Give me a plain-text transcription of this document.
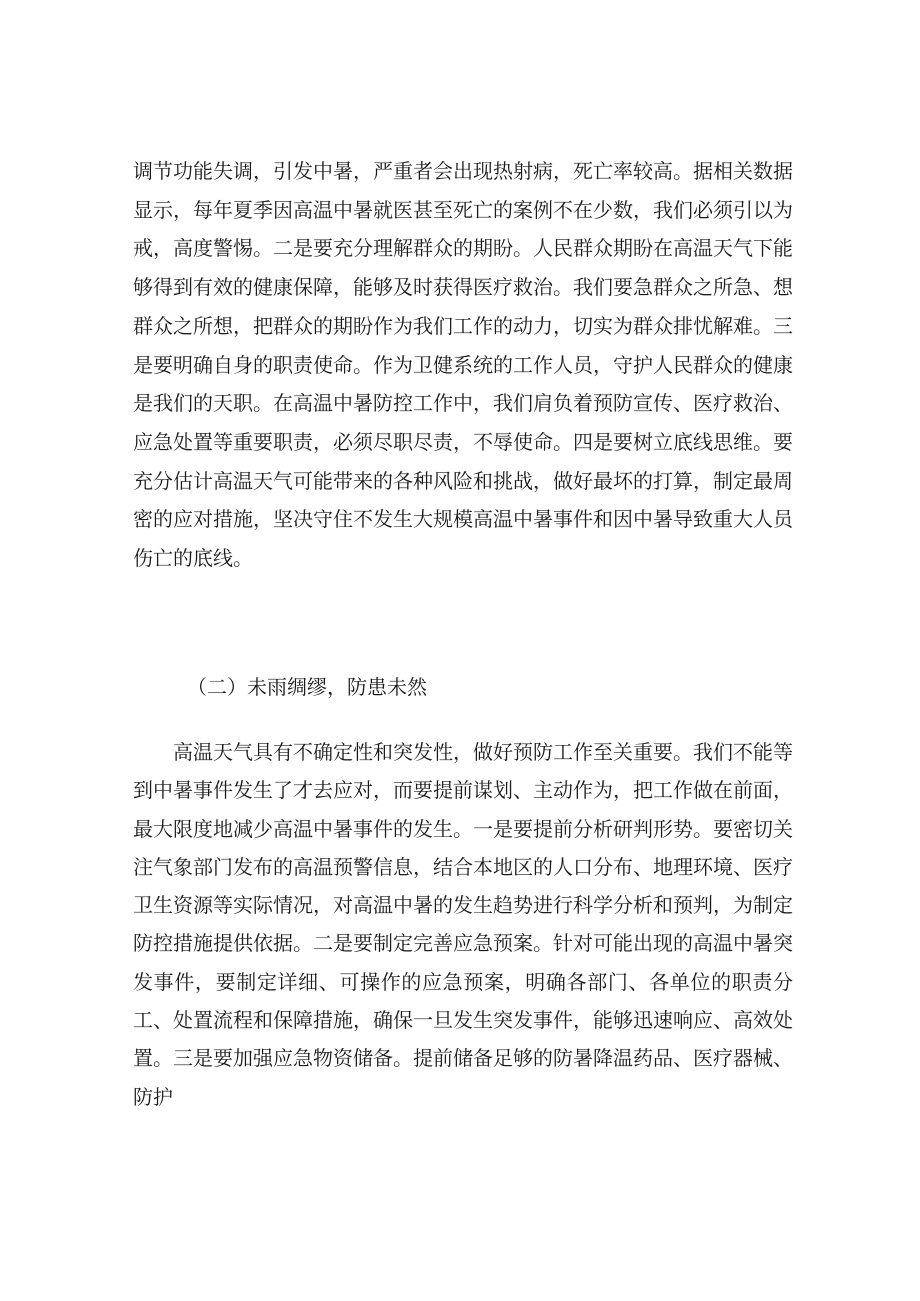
调节功能失调，引发中暑，严重者会出现热射病，死亡率较高。据相关数据显示，每年夏季因高温中暑就医甚至死亡的案例不在少数，我们必须引以为戒，高度警惕。二是要充分理解群众的期盼。人民群众期盼在高温天气下能够得到有效的健康保障，能够及时获得医疗救治。我们要急群众之所急、想群众之所想，把群众的期盼作为我们工作的动力，切实为群众排忧解难。三是要明确自身的职责使命。作为卫健系统的工作人员，守护人民群众的健康是我们的天职。在高温中暑防控工作中，我们肩负着预防宣传、医疗救治、应急处置等重要职责，必须尽职尽责，不辱使命。四是要树立底线思维。要充分估计高温天气可能带来的各种风险和挑战，做好最坏的打算，制定最周密的应对措施，坚决守住不发生大规模高温中暑事件和因中暑导致重大人员伤亡的底线。

（二）未雨绸缪，防患未然

高温天气具有不确定性和突发性，做好预防工作至关重要。我们不能等到中暑事件发生了才去应对，而要提前谋划、主动作为，把工作做在前面，最大限度地减少高温中暑事件的发生。一是要提前分析研判形势。要密切关注气象部门发布的高温预警信息，结合本地区的人口分布、地理环境、医疗卫生资源等实际情况，对高温中暑的发生趋势进行科学分析和预判，为制定防控措施提供依据。二是要制定完善应急预案。针对可能出现的高温中暑突发事件，要制定详细、可操作的应急预案，明确各部门、各单位的职责分工、处置流程和保障措施，确保一旦发生突发事件，能够迅速响应、高效处置。三是要加强应急物资储备。提前储备足够的防暑降温药品、医疗器械、防护
